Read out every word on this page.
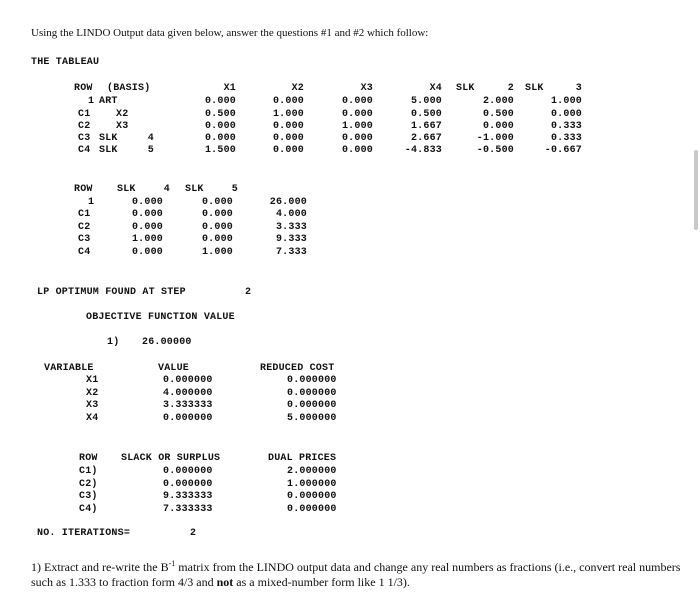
Using the LINDO Output data given below, answer the questions #1 and #2 which follow:
THE TABLEAU
ROW (BASIS)	X1	X2	X3	X4 SLK	2 SLK	3
1 ART	0.000	0.000	0.000	5.000	2.000	1.000
C1	X2	0.500	1.000	0.000	0.500	0.500	0.000
C2	X3	0.000	0.000	1.000	1.667	0.000	0.333
C3 SLK	4	0.000	0.000	0.000	2.667	-1.000	0.333
C4 SLK	5	1.500	0.000	0.000	-4.833	-0.500	-0.667
ROW SLK	4 SLK	5
1	0.000	0.000	26.000
C1	0.000	0.000	4.000
C2	0.000	0.000	3.333
C3	1.000	0.000	9.333
C4	0.000	1.000	7.333
LP OPTIMUM FOUND AT STEP	2
OBJECTIVE FUNCTION VALUE
1) 26.00000
VARIABLE	VALUE	REDUCED COST
X1	0.000000	0.000000
X2	4.000000	0.000000
X3	3.333333	0.000000
X4	0.000000	5.000000
ROW SLACK OR SURPLUS	DUAL PRICES
C1)	0.000000	2.000000
C2)	0.000000	1.000000
C3)	9.333333	0.000000
C4)	7.333333	0.000000
NO. ITERATIONS=	2
1) Extract and re-write the $B^{-1}$ matrix from the LINDO output data and change any real numbers as fractions (i.e., convert real numbers such as 1.333 to fraction form 4/3 and not as a mixed-number form like 1 1/3).
